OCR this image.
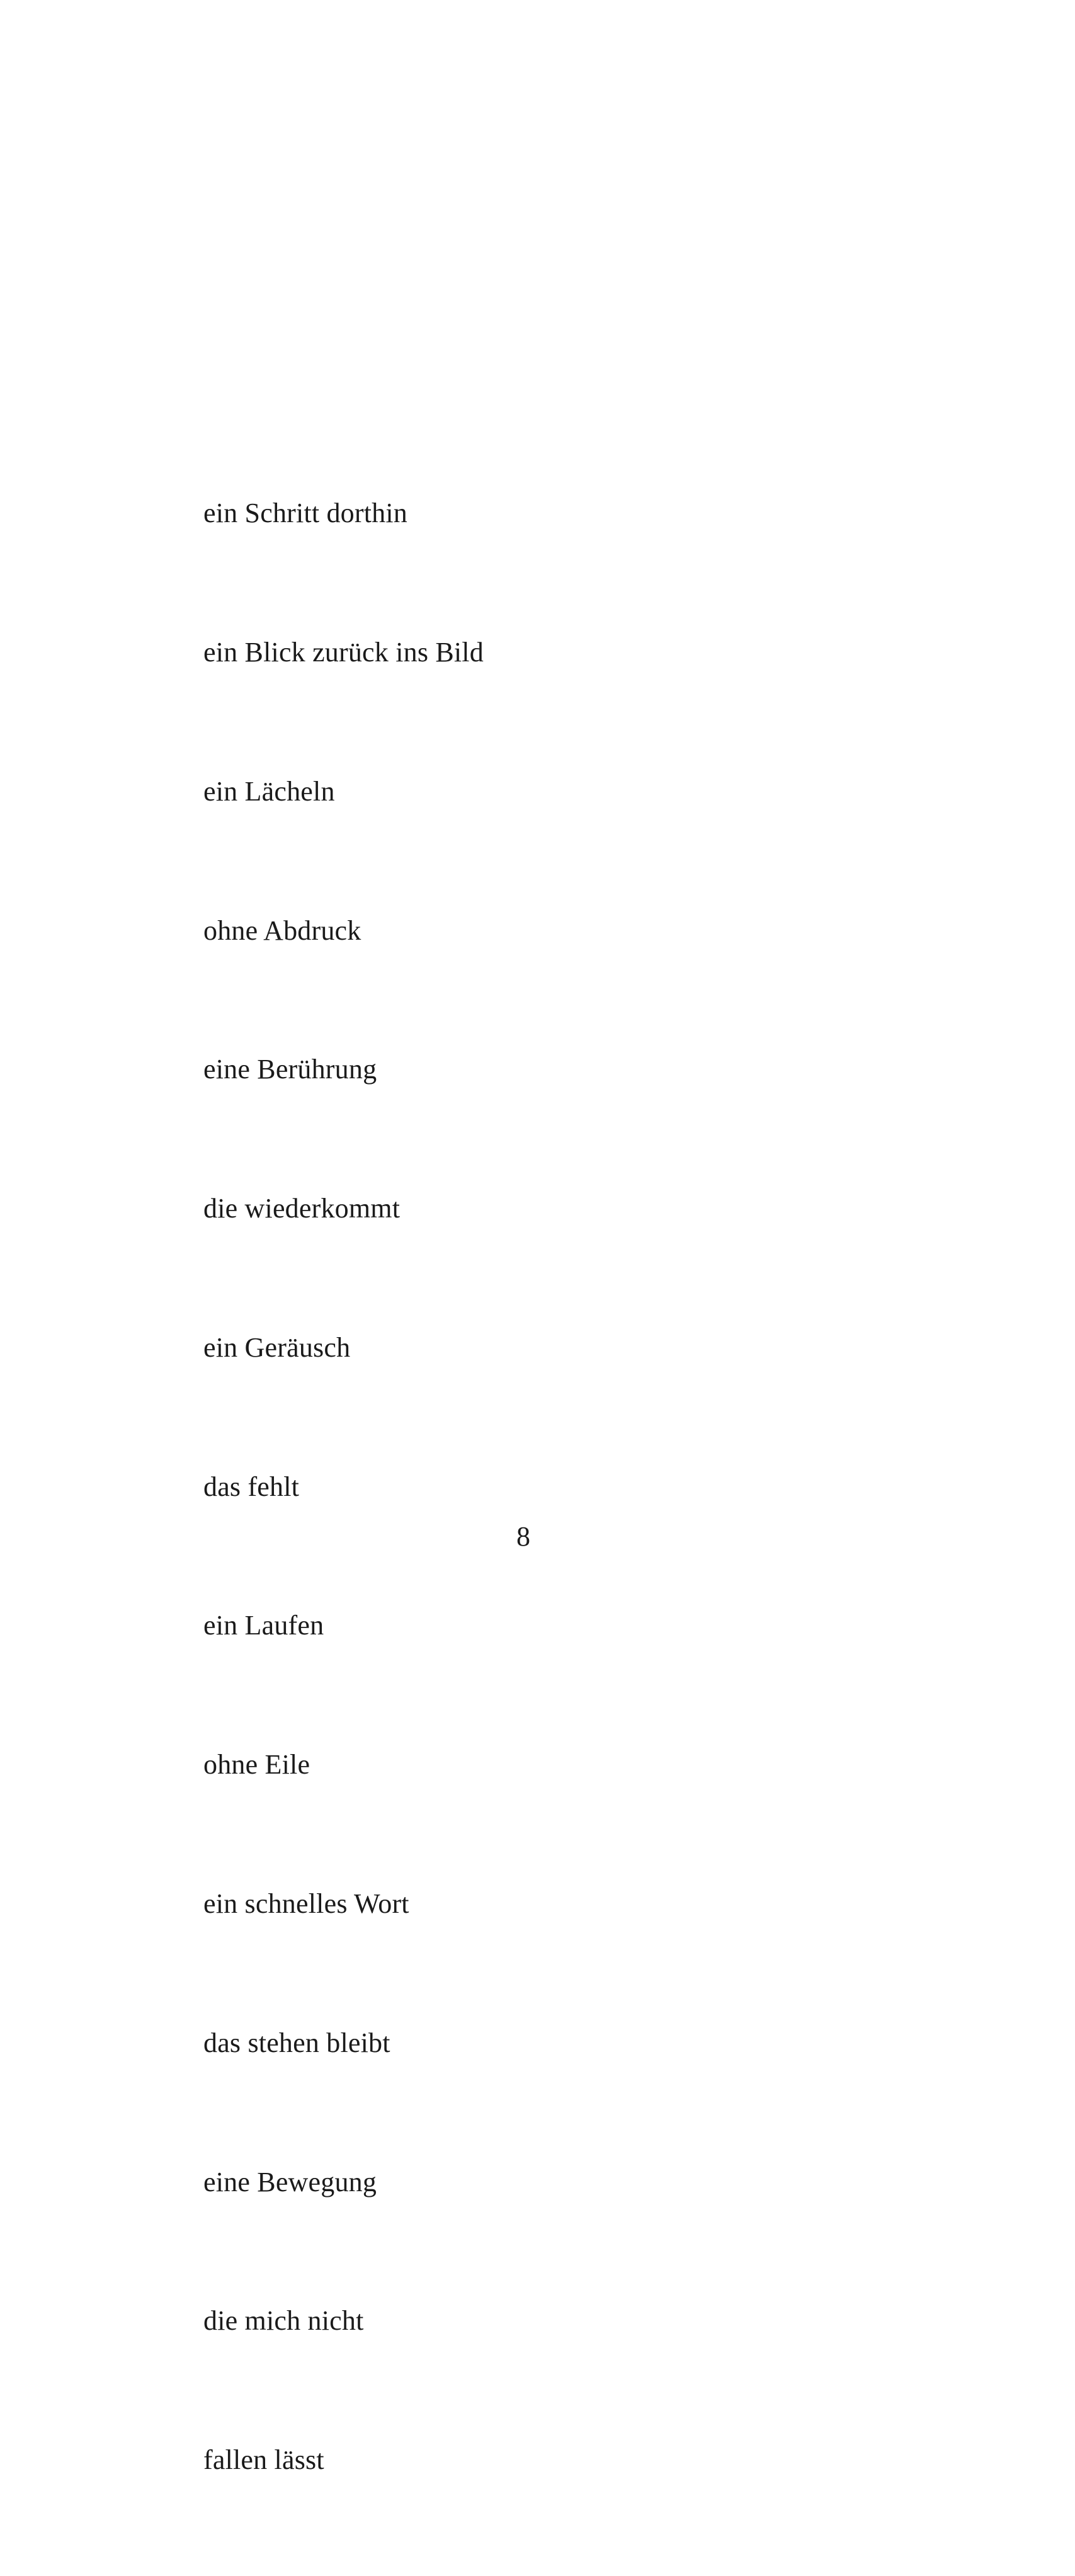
ein Schritt dorthin

ein Blick zurück ins Bild

ein Lächeln

ohne Abdruck

eine Berührung

die wiederkommt

ein Geräusch

das fehlt

ein Laufen

ohne Eile

ein schnelles Wort

das stehen bleibt

eine Bewegung

die mich nicht

fallen lässt

8
